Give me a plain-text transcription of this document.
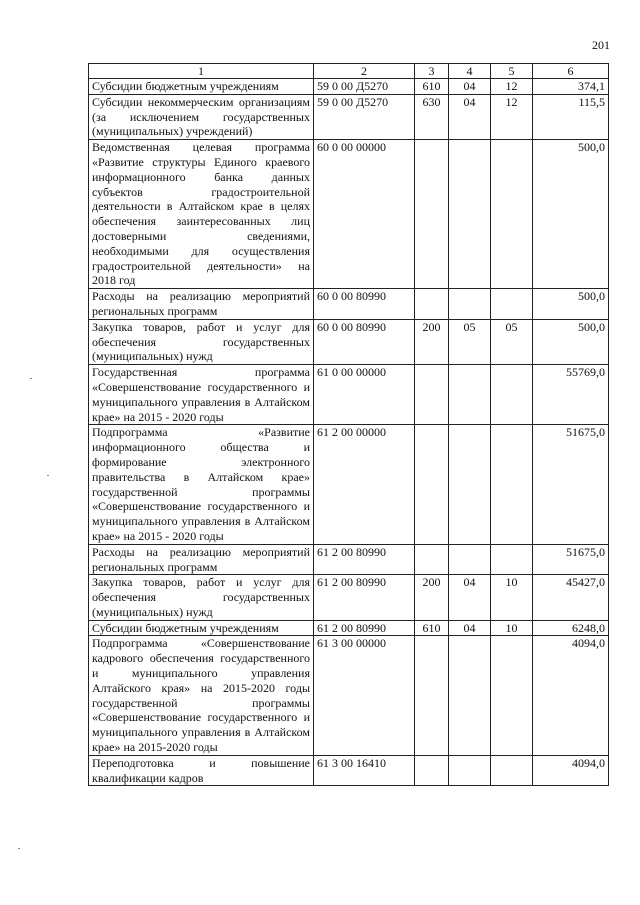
201
1	2	3	4	5	6
Субсидии бюджетным учреждениям	59 0 00 Д5270	610	04	12	374,1
Субсидии некоммерческим организациям (за исключением государственных (муниципальных) учреждений)	59 0 00 Д5270	630	04	12	115,5
Ведомственная целевая программа «Развитие структуры Единого краевого информационного банка данных субъектов градостроительной деятельности в Алтайском крае в целях обеспечения заинтересованных лиц достоверными сведениями, необходимыми для осуществления градостроительной деятельности» на 2018 год	60 0 00 00000				500,0
Расходы на реализацию мероприятий региональных программ	60 0 00 80990				500,0
Закупка товаров, работ и услуг для обеспечения государственных (муниципальных) нужд	60 0 00 80990	200	05	05	500,0
Государственная программа «Совершенствование государственного и муниципального управления в Алтайском крае» на 2015 - 2020 годы	61 0 00 00000				55769,0
Подпрограмма «Развитие информационного общества и формирование электронного правительства в Алтайском крае» государственной программы «Совершенствование государственного и муниципального управления в Алтайском крае» на 2015 - 2020 годы	61 2 00 00000				51675,0
Расходы на реализацию мероприятий региональных программ	61 2 00 80990				51675,0
Закупка товаров, работ и услуг для обеспечения государственных (муниципальных) нужд	61 2 00 80990	200	04	10	45427,0
Субсидии бюджетным учреждениям	61 2 00 80990	610	04	10	6248,0
Подпрограмма «Совершенствование кадрового обеспечения государственного и муниципального управления Алтайского края» на 2015-2020 годы государственной программы «Совершенствование государственного и муниципального управления в Алтайском крае» на 2015-2020 годы	61 3 00 00000				4094,0
Переподготовка и повышение квалификации кадров	61 3 00 16410				4094,0
